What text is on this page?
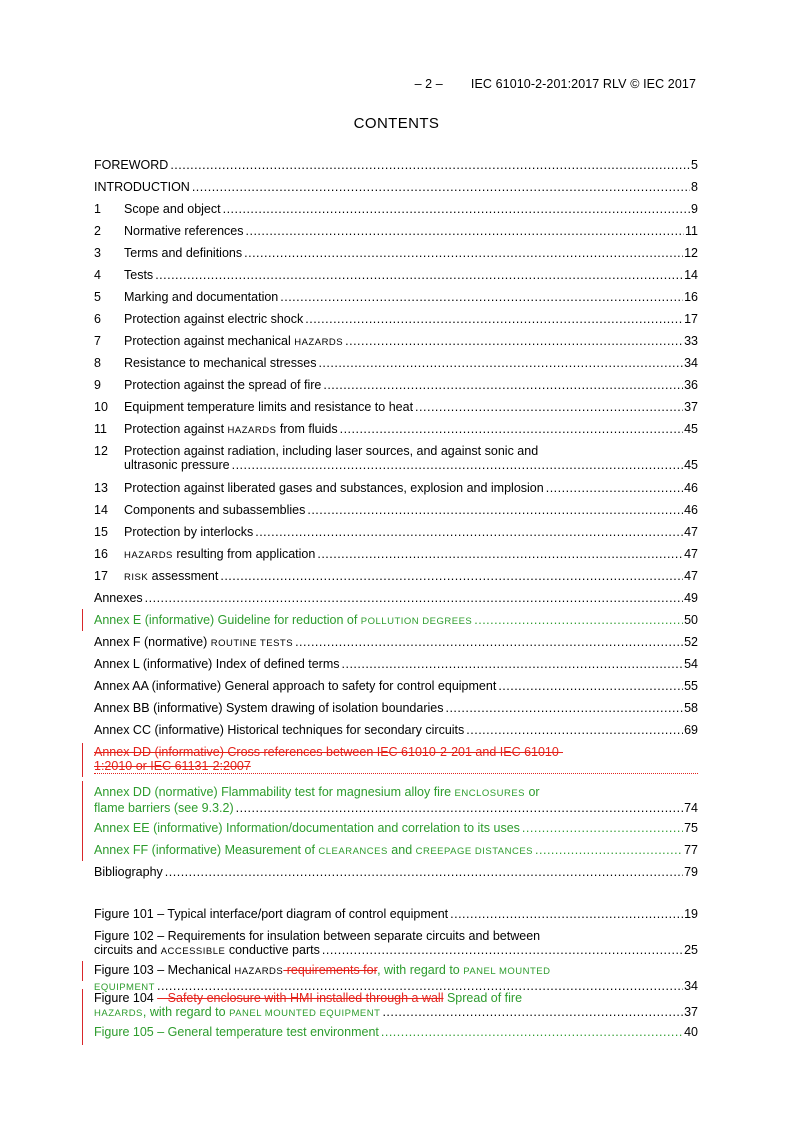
– 2 – IEC 61010-2-201:2017 RLV © IEC 2017
CONTENTS
FOREWORD .....	5
INTRODUCTION .....	8
1 Scope and object .....	9
2 Normative references .....	11
3 Terms and definitions .....	12
4 Tests .....	14
5 Marking and documentation .....	16
6 Protection against electric shock .....	17
7 Protection against mechanical HAZARDS .....	33
8 Resistance to mechanical stresses .....	34
9 Protection against the spread of fire .....	36
10 Equipment temperature limits and resistance to heat .....	37
11 Protection against HAZARDS from fluids .....	45
12 Protection against radiation, including laser sources, and against sonic and
ultrasonic pressure .....	45
13 Protection against liberated gases and substances, explosion and implosion .....	46
14 Components and subassemblies .....	46
15 Protection by interlocks .....	47
16 HAZARDS resulting from application .....	47
17 RISK assessment .....	47
Annexes .....	49
Annex E (informative) Guideline for reduction of POLLUTION DEGREES .....	50
Annex F (normative) ROUTINE TESTS .....	52
Annex L (informative) Index of defined terms .....	54
Annex AA (informative) General approach to safety for control equipment .....	55
Annex BB (informative) System drawing of isolation boundaries .....	58
Annex CC (informative) Historical techniques for secondary circuits .....	69
Annex DD (informative) Cross references between IEC 61010-2-201 and IEC 61010-
1:2010 or IEC 61131-2:2007
Annex DD (normative) Flammability test for magnesium alloy fire ENCLOSURES or
flame barriers (see 9.3.2) .....	74
Annex EE (informative) Information/documentation and correlation to its uses .....	75
Annex FF (informative) Measurement of CLEARANCES and CREEPAGE DISTANCES .....	77
Bibliography .....	79
Figure 101 – Typical interface/port diagram of control equipment .....	19
Figure 102 – Requirements for insulation between separate circuits and between
circuits and ACCESSIBLE conductive parts .....	25
Figure 103 – Mechanical HAZARDS requirements for, with regard to PANEL MOUNTED
EQUIPMENT .....	34
Figure 104 – Safety enclosure with HMI installed through a wall Spread of fire
HAZARDS, with regard to PANEL MOUNTED EQUIPMENT .....	37
Figure 105 – General temperature test environment .....	40
